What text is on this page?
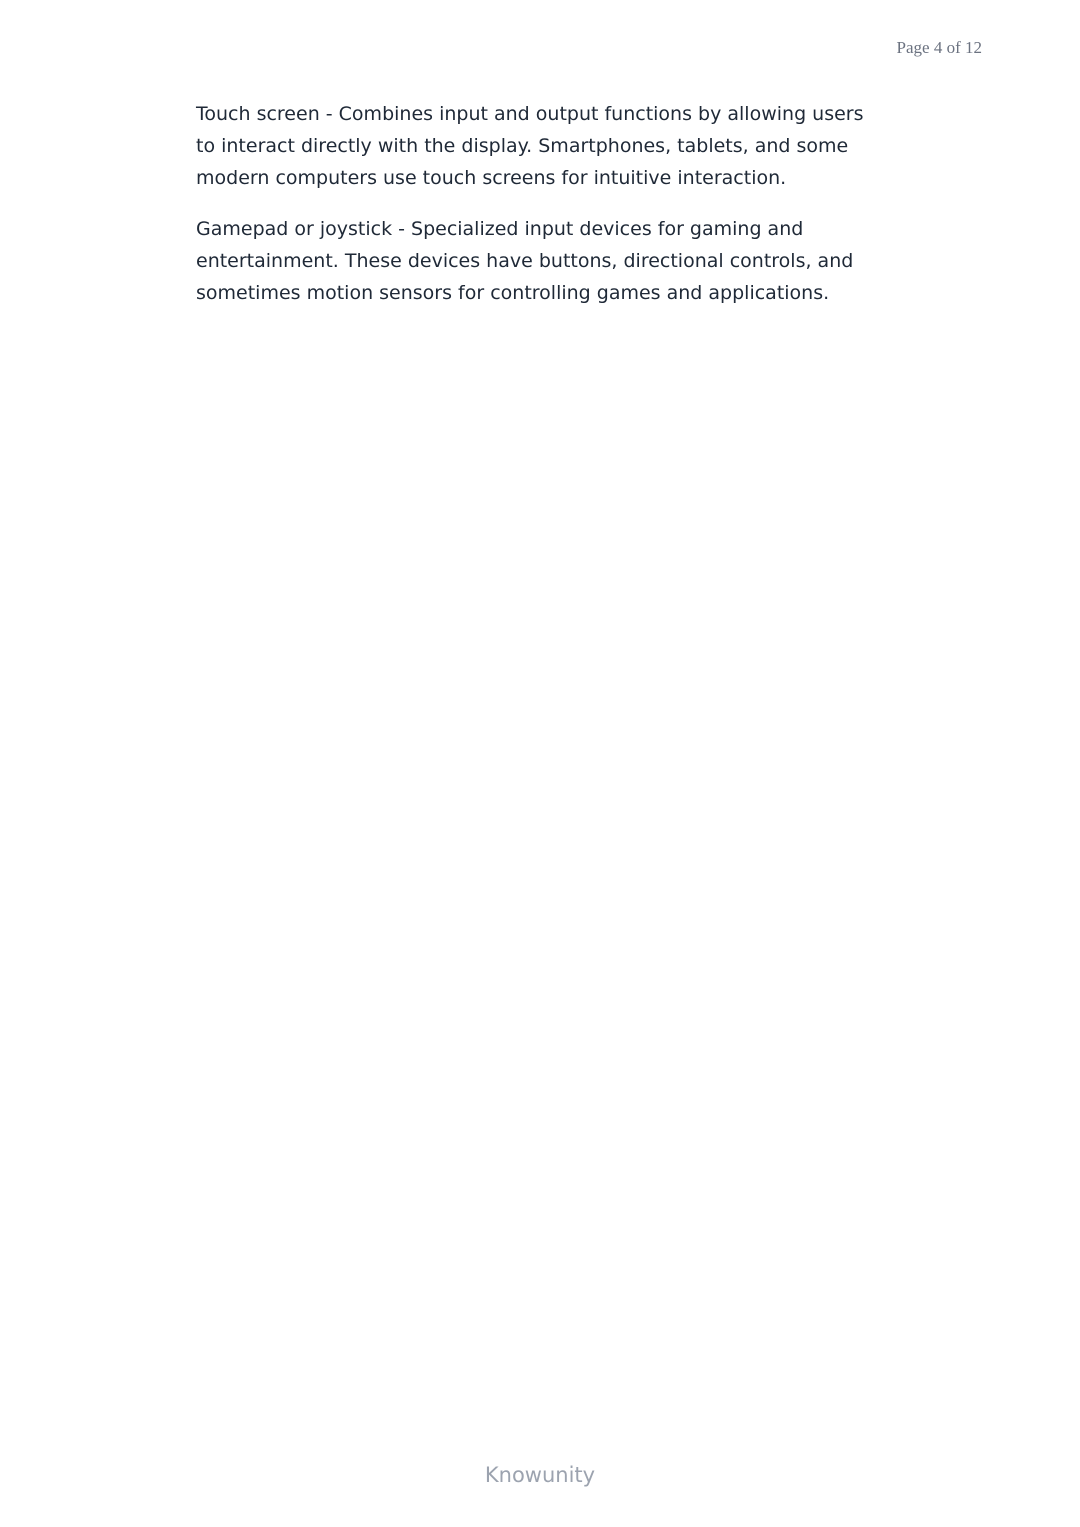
Page 4 of 12

Touch screen - Combines input and output functions by allowing users to interact directly with the display. Smartphones, tablets, and some modern computers use touch screens for intuitive interaction.

Gamepad or joystick - Specialized input devices for gaming and entertainment. These devices have buttons, directional controls, and sometimes motion sensors for controlling games and applications.

Knowunity
